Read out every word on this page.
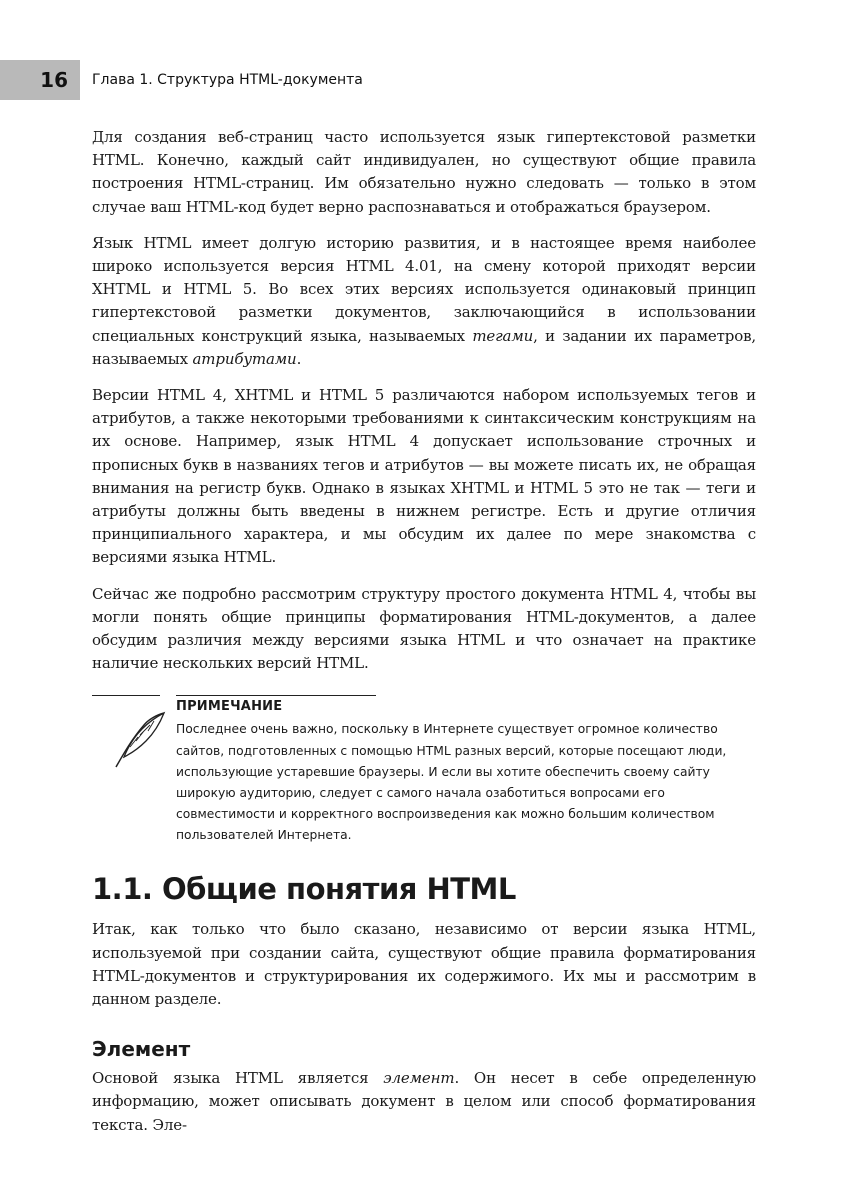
16 Глава 1. Структура HTML-документа

Для создания веб-страниц часто используется язык гипертекстовой разметки HTML. Конечно, каждый сайт индивидуален, но существуют общие правила построения HTML-страниц. Им обязательно нужно следовать — только в этом случае ваш HTML-код будет верно распознаваться и отображаться браузером.

Язык HTML имеет долгую историю развития, и в настоящее время наиболее широко используется версия HTML 4.01, на смену которой приходят версии XHTML и HTML 5. Во всех этих версиях используется одинаковый принцип гипертекстовой разметки документов, заключающийся в использовании специальных конструкций языка, называемых тегами, и задании их параметров, называемых атрибутами.

Версии HTML 4, XHTML и HTML 5 различаются набором используемых тегов и атрибутов, а также некоторыми требованиями к синтаксическим конструкциям на их основе. Например, язык HTML 4 допускает использование строчных и прописных букв в названиях тегов и атрибутов — вы можете писать их, не обращая внимания на регистр букв. Однако в языках XHTML и HTML 5 это не так — теги и атрибуты должны быть введены в нижнем регистре. Есть и другие отличия принципиального характера, и мы обсудим их далее по мере знакомства с версиями языка HTML.

Сейчас же подробно рассмотрим структуру простого документа HTML 4, чтобы вы могли понять общие принципы форматирования HTML-документов, а далее обсудим различия между версиями языка HTML и что означает на практике наличие нескольких версий HTML.

ПРИМЕЧАНИЕ

Последнее очень важно, поскольку в Интернете существует огромное количество сайтов, подготовленных с помощью HTML разных версий, которые посещают люди, использующие устаревшие браузеры. И если вы хотите обеспечить своему сайту широкую аудиторию, следует с самого начала озаботиться вопросами его совместимости и корректного воспроизведения как можно большим количеством пользователей Интернета.

1.1. Общие понятия HTML

Итак, как только что было сказано, независимо от версии языка HTML, используемой при создании сайта, существуют общие правила форматирования HTML-документов и структурирования их содержимого. Их мы и рассмотрим в данном разделе.

Элемент

Основой языка HTML является элемент. Он несет в себе определенную информацию, может описывать документ в целом или способ форматирования текста. Эле-
